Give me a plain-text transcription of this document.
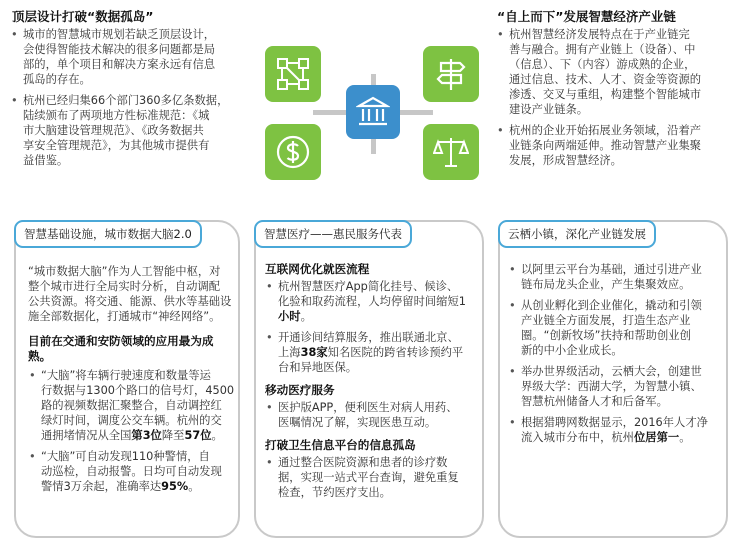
顶层设计打破“数据孤岛”
• 城市的智慧城市规划若缺乏顶层设计，
会使得智能技术解决的很多问题都是局
部的，单个项目和解决方案永远有信息
孤岛的存在。
• 杭州已经归集66个部门360多亿条数据，
陆续颁布了两项地方性标准规范：《城
市大脑建设管理规范》、《政务数据共
享安全管理规范》，为其他城市提供有
益借鉴。
“自上而下”发展智慧经济产业链
• 杭州智慧经济发展特点在于产业链完
善与融合。拥有产业链上（设备）、中
（信息）、下（内容）游成熟的企业，
通过信息、技术、人才、资金等资源的
渗透、交叉与重组，构建整个智能城市
建设产业链条。
• 杭州的企业开始拓展业务领域，沿着产
业链条向两端延伸。推动智慧产业集聚
发展，形成智慧经济。
智慧基础设施，城市数据大脑2.0

“城市数据大脑”作为人工智能中枢，对

整个城市进行全局实时分析，自动调配

公共资源。将交通、能源、供水等基础设

施全部数据化，打通城市“神经网络”。

目前在交通和安防领域的应用最为成

熟。

• “大脑”将车辆行驶速度和数量等运
行数据与1300个路口的信号灯，4500
路的视频数据汇聚整合，自动调控红
绿灯时间，调度公交车辆。杭州的交
通拥堵情况从全国第3位降至57位。
• “大脑”可自动发现110种警情，自
动巡检，自动报警。日均可自动发现
警情3万余起，准确率达95%。
智慧医疗——惠民服务代表

互联网优化就医流程

• 杭州智慧医疗App简化挂号、候诊、
化验和取药流程，人均停留时间缩短1
小时。
• 开通诊间结算服务，推出联通北京、
上海38家知名医院的跨省转诊预约平
台和异地医保。

移动医疗服务

• 医护版APP，便利医生对病人用药、
医嘱情况了解，实现医患互动。

打破卫生信息平台的信息孤岛

• 通过整合医院资源和患者的诊疗数
据，实现一站式平台查询，避免重复
检查，节约医疗支出。
云栖小镇，深化产业链发展
• 以阿里云平台为基础，通过引进产业
链布局龙头企业，产生集聚效应。
• 从创业孵化到企业催化，撬动和引领
产业链全方面发展，打造生态产业
圈。“创新牧场”扶持和帮助创业创
新的中小企业成长。
• 举办世界级活动，云栖大会，创建世
界级大学：西湖大学，为智慧小镇、
智慧杭州储备人才和后备军。
• 根据猎聘网数据显示，2016年人才净
流入城市分布中，杭州位居第一。
